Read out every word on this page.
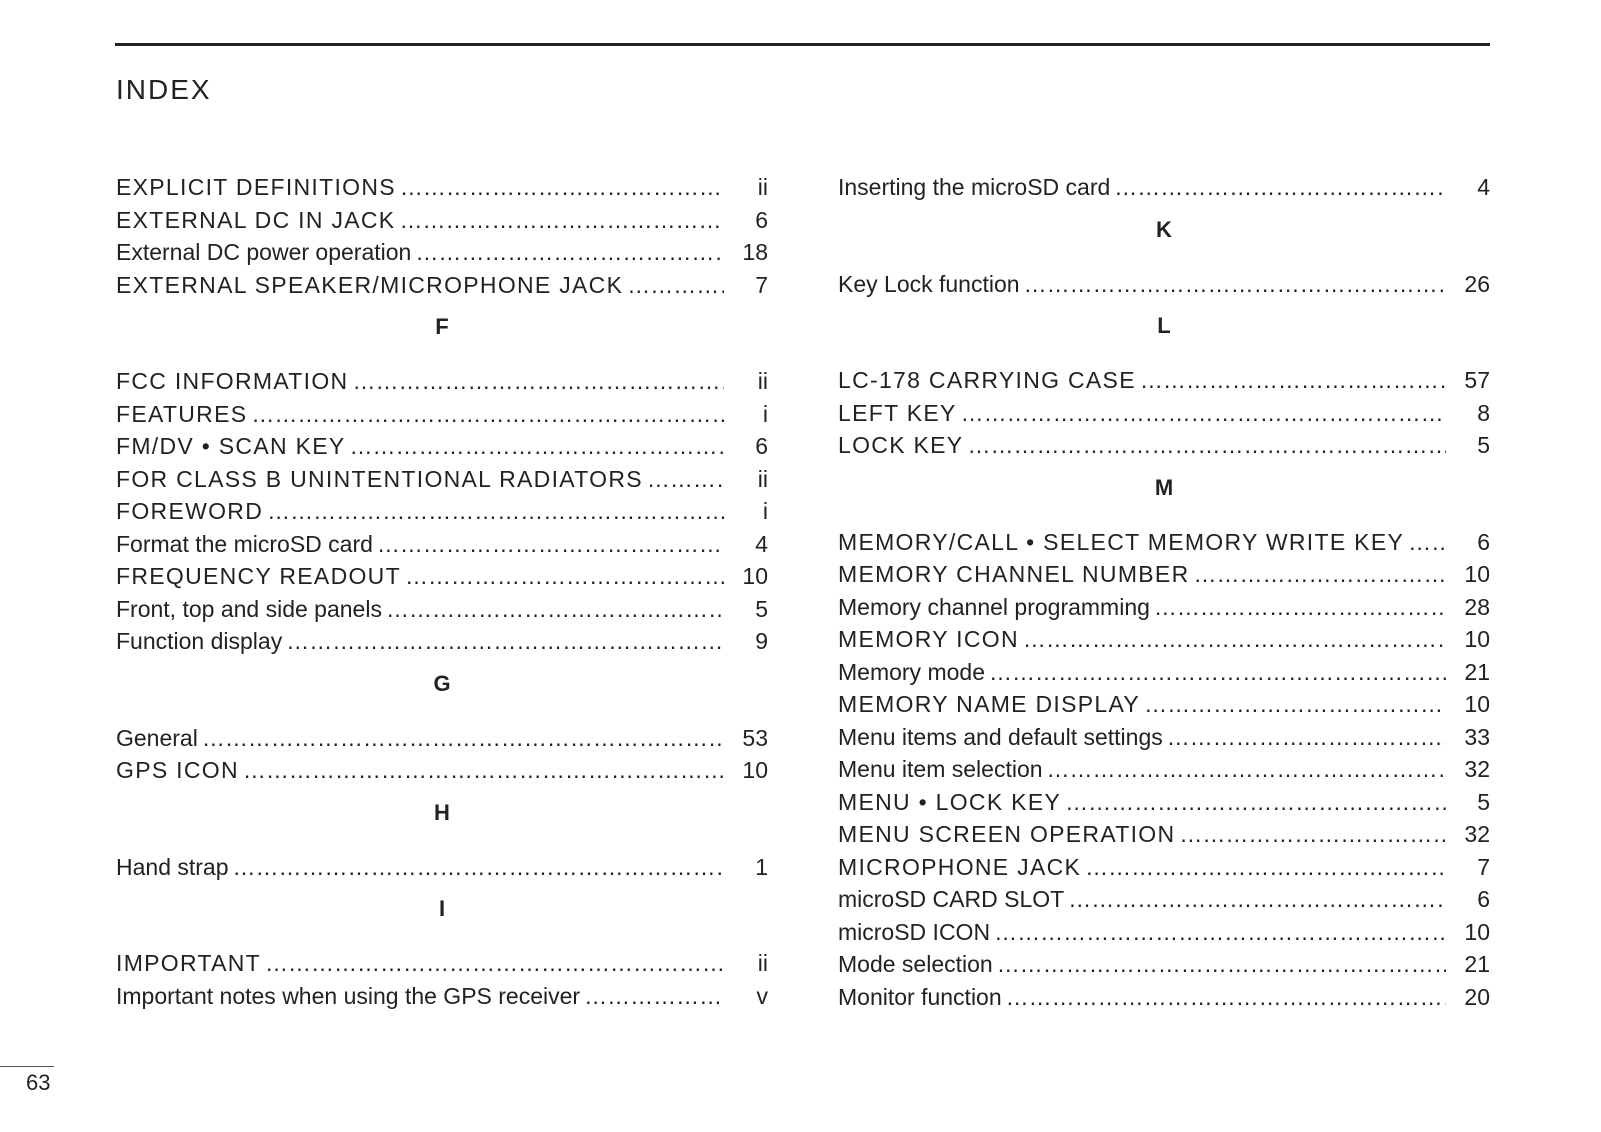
INDEX
EXPLICIT DEFINITIONS ……………………………………………………………………………………………………………………………………	ii
EXTERNAL DC IN JACK ……………………………………………………………………………………………………………………………………	6
External DC power operation ……………………………………………………………………………………………………………………………………	18
EXTERNAL SPEAKER/MICROPHONE JACK ……………………………………………………………………………………………………………………………………	7
F
FCC INFORMATION ……………………………………………………………………………………………………………………………………	ii
FEATURES ……………………………………………………………………………………………………………………………………	i
FM/DV • SCAN KEY ……………………………………………………………………………………………………………………………………	6
FOR CLASS B UNINTENTIONAL RADIATORS ……………………………………………………………………………………………………………………………………	ii
FOREWORD ……………………………………………………………………………………………………………………………………	i
Format the microSD card ……………………………………………………………………………………………………………………………………	4
FREQUENCY READOUT ……………………………………………………………………………………………………………………………………	10
Front, top and side panels ……………………………………………………………………………………………………………………………………	5
Function display ……………………………………………………………………………………………………………………………………	9
G
General ……………………………………………………………………………………………………………………………………	53
GPS ICON ……………………………………………………………………………………………………………………………………	10
H
Hand strap ……………………………………………………………………………………………………………………………………	1
I
IMPORTANT ……………………………………………………………………………………………………………………………………	ii
Important notes when using the GPS receiver ……………………………………………………………………………………………………………………………………	v
Inserting the microSD card ……………………………………………………………………………………………………………………………………	4
K
Key Lock function ……………………………………………………………………………………………………………………………………	26
L
LC-178 CARRYING CASE ……………………………………………………………………………………………………………………………………	57
LEFT KEY ……………………………………………………………………………………………………………………………………	8
LOCK KEY ……………………………………………………………………………………………………………………………………	5
M
MEMORY/CALL • SELECT MEMORY WRITE KEY ……………………………………………………………………………………………………………………………………	6
MEMORY CHANNEL NUMBER ……………………………………………………………………………………………………………………………………	10
Memory channel programming ……………………………………………………………………………………………………………………………………	28
MEMORY ICON ……………………………………………………………………………………………………………………………………	10
Memory mode ……………………………………………………………………………………………………………………………………	21
MEMORY NAME DISPLAY ……………………………………………………………………………………………………………………………………	10
Menu items and default settings ……………………………………………………………………………………………………………………………………	33
Menu item selection ……………………………………………………………………………………………………………………………………	32
MENU • LOCK KEY ……………………………………………………………………………………………………………………………………	5
MENU SCREEN OPERATION ……………………………………………………………………………………………………………………………………	32
MICROPHONE JACK ……………………………………………………………………………………………………………………………………	7
microSD CARD SLOT ……………………………………………………………………………………………………………………………………	6
microSD ICON ……………………………………………………………………………………………………………………………………	10
Mode selection ……………………………………………………………………………………………………………………………………	21
Monitor function ……………………………………………………………………………………………………………………………………	20
63
